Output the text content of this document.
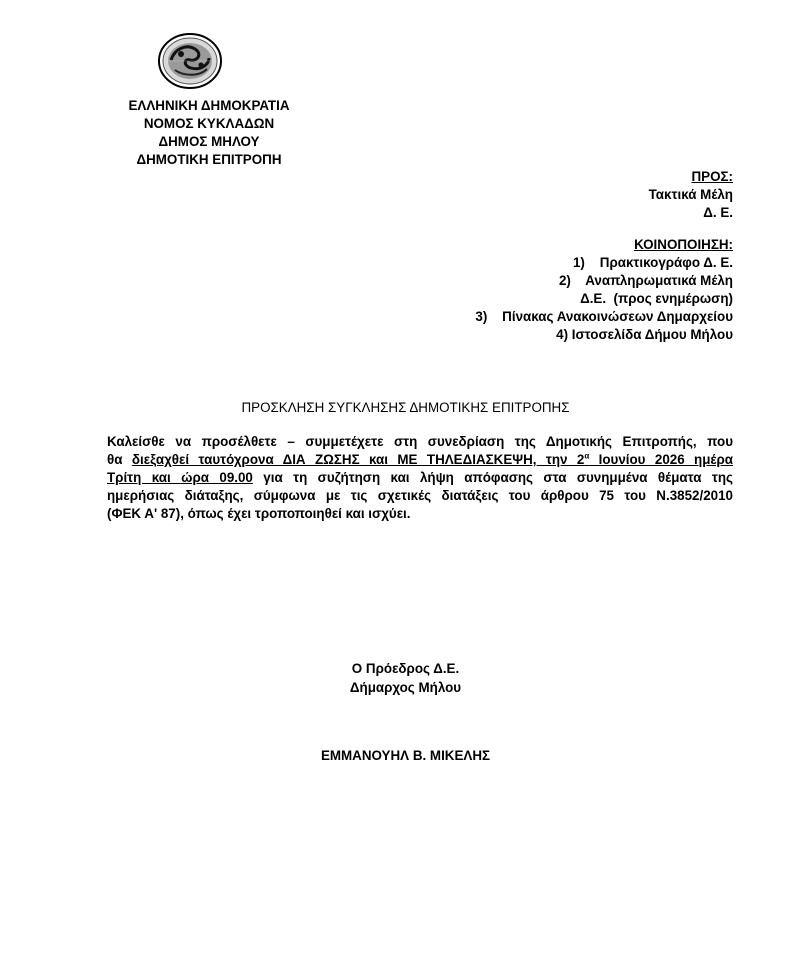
ΕΛΛΗΝΙΚΗ ΔΗΜΟΚΡΑΤΙΑ
ΝΟΜΟΣ ΚΥΚΛΑΔΩΝ
ΔΗΜΟΣ ΜΗΛΟΥ
ΔΗΜΟΤΙΚΗ ΕΠΙΤΡΟΠΗ
ΠΡΟΣ:
Τακτικά Μέλη
Δ. Ε.
ΚΟΙΝΟΠΟΙΗΣΗ:
1)    Πρακτικογράφο Δ. Ε.
2)    Αναπληρωματικά Μέλη
Δ.Ε.  (προς ενημέρωση)
3)    Πίνακας Ανακοινώσεων Δημαρχείου
4) Ιστοσελίδα Δήμου Μήλου
ΠΡΟΣΚΛΗΣΗ ΣΥΓΚΛΗΣΗΣ ΔΗΜΟΤΙΚΗΣ ΕΠΙΤΡΟΠΗΣ
Καλείσθε να προσέλθετε – συμμετέχετε στη συνεδρίαση της Δημοτικής Επιτροπής, που
θα διεξαχθεί ταυτόχρονα ΔΙΑ ΖΩΣΗΣ και ΜΕ ΤΗΛΕΔΙΑΣΚΕΨΗ, την $2^\alpha$ Ιουνίου 2026 ημέρα
Τρίτη και ώρα 09.00 για τη συζήτηση και λήψη απόφασης στα συνημμένα θέματα της
ημερήσιας διάταξης, σύμφωνα με τις σχετικές διατάξεις του άρθρου 75 του Ν.3852/2010
(ΦΕΚ Α' 87), όπως έχει τροποποιηθεί και ισχύει.
Ο Πρόεδρος Δ.Ε.
Δήμαρχος Μήλου
ΕΜΜΑΝΟΥΗΛ Β. ΜΙΚΕΛΗΣ
